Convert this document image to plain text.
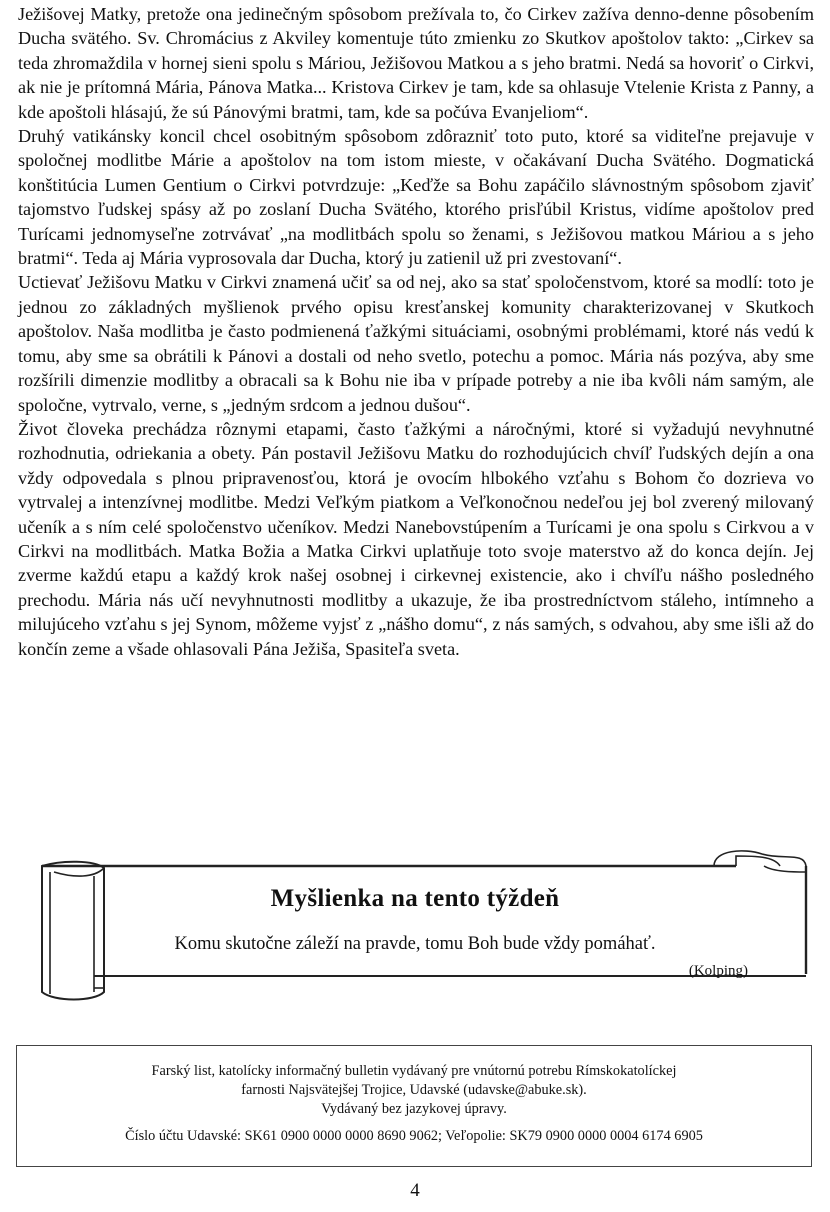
Ježišovej Matky, pretože ona jedinečným spôsobom prežívala to, čo Cirkev zažíva denno-denne pôsobením Ducha svätého. Sv. Chromácius z Akviley komentuje túto zmienku zo Skutkov apoštolov takto: „Cirkev sa teda zhromaždila v hornej sieni spolu s Máriou, Ježišovou Matkou a s jeho bratmi. Nedá sa hovoriť o Cirkvi, ak nie je prítomná Mária, Pánova Matka... Kristova Cirkev je tam, kde sa ohlasuje Vtelenie Krista z Panny, a kde apoštoli hlásajú, že sú Pánovými bratmi, tam, kde sa počúva Evanjeliom“.

Druhý vatikánsky koncil chcel osobitným spôsobom zdôrazniť toto puto, ktoré sa viditeľne prejavuje v spoločnej modlitbe Márie a apoštolov na tom istom mieste, v očakávaní Ducha Svätého. Dogmatická konštitúcia Lumen Gentium o Cirkvi potvrdzuje: „Keďže sa Bohu zapáčilo slávnostným spôsobom zjaviť tajomstvo ľudskej spásy až po zoslaní Ducha Svätého, ktorého prisľúbil Kristus, vidíme apoštolov pred Turícami jednomyseľne zotrvávať „na modlitbách spolu so ženami, s Ježišovou matkou Máriou a s jeho bratmi“. Teda aj Mária vyprosovala dar Ducha, ktorý ju zatienil už pri zvestovaní“.

Uctievať Ježišovu Matku v Cirkvi znamená učiť sa od nej, ako sa stať spoločenstvom, ktoré sa modlí: toto je jednou zo základných myšlienok prvého opisu kresťanskej komunity charakterizovanej v Skutkoch apoštolov. Naša modlitba je často podmienená ťažkými situáciami, osobnými problémami, ktoré nás vedú k tomu, aby sme sa obrátili k Pánovi a dostali od neho svetlo, potechu a pomoc. Mária nás pozýva, aby sme rozšírili dimenzie modlitby a obracali sa k Bohu nie iba v prípade potreby a nie iba kvôli nám samým, ale spoločne, vytrvalo, verne, s „jedným srdcom a jednou dušou“.

Život človeka prechádza rôznymi etapami, často ťažkými a náročnými, ktoré si vyžadujú nevyhnutné rozhodnutia, odriekania a obety. Pán postavil Ježišovu Matku do rozhodujúcich chvíľ ľudských dejín a ona vždy odpovedala s plnou pripravenosťou, ktorá je ovocím hlbokého vzťahu s Bohom čo dozrieva vo vytrvalej a intenzívnej modlitbe. Medzi Veľkým piatkom a Veľkonočnou nedeľou jej bol zverený milovaný učeník a s ním celé spoločenstvo učeníkov. Medzi Nanebovstúpením a Turícami je ona spolu s Cirkvou a v Cirkvi na modlitbách. Matka Božia a Matka Cirkvi uplatňuje toto svoje materstvo až do konca dejín. Jej zverme každú etapu a každý krok našej osobnej i cirkevnej existencie, ako i chvíľu nášho posledného prechodu. Mária nás učí nevyhnutnosti modlitby a ukazuje, že iba prostredníctvom stáleho, intímneho a milujúceho vzťahu s jej Synom, môžeme vyjsť z „nášho domu“, z nás samých, s odvahou, aby sme išli až do končín zeme a všade ohlasovali Pána Ježiša, Spasiteľa sveta.

Myšlienka na tento týždeň
Komu skutočne záleží na pravde, tomu Boh bude vždy pomáhať.
(Kolping)
Farský list, katolícky informačný bulletin vydávaný pre vnútornú potrebu Rímskokatolíckej
farnosti Najsvätejšej Trojice, Udavské (udavske@abuke.sk).
Vydávaný bez jazykovej úpravy.
Číslo účtu Udavské: SK61 0900 0000 0000 8690 9062; Veľopolie: SK79 0900 0000 0004 6174 6905
4
